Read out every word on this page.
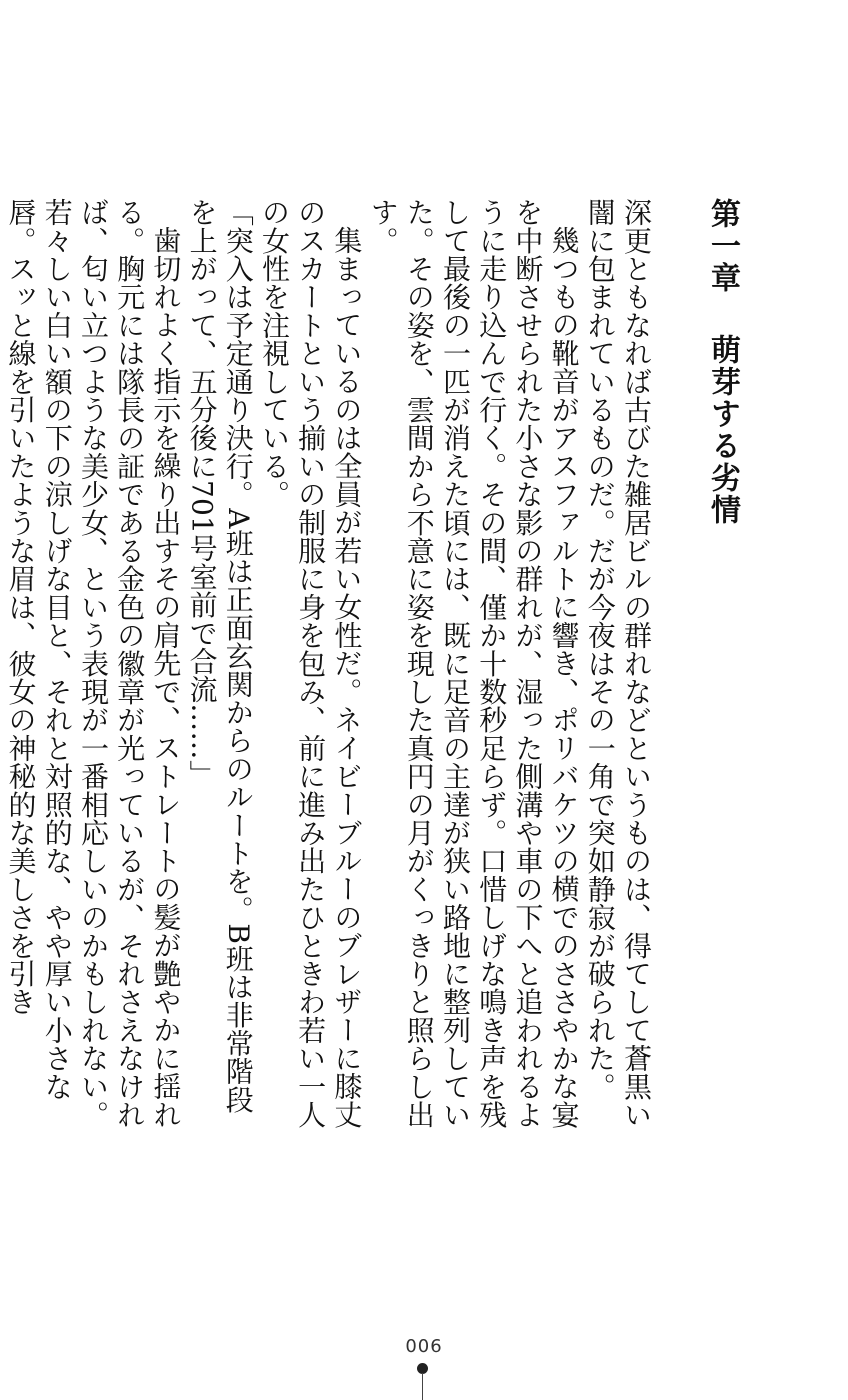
第一章萌芽する劣情

深更ともなれば古びた雑居ビルの群れなどというものは、得てして蒼黒い闇に包まれているものだ。だが今夜はその一角で突如静寂が破られた。

幾つもの靴音がアスファルトに響き、ポリバケツの横でのささやかな宴を中断させられた小さな影の群れが、湿った側溝や車の下へと追われるように走り込んで行く。その間、僅か十数秒足らず。口惜しげな鳴き声を残して最後の一匹が消えた頃には、既に足音の主達が狭い路地に整列していた。その姿を、雲間から不意に姿を現した真円の月がくっきりと照らし出す。

集まっているのは全員が若い女性だ。ネイビーブルーのブレザーに膝丈のスカートという揃いの制服に身を包み、前に進み出たひときわ若い一人の女性を注視している。

「突入は予定通り決行。A班は正面玄関からのルートを。B班は非常階段を上がって、五分後に701号室前で合流……」

歯切れよく指示を繰り出すその肩先で、ストレートの髪が艶やかに揺れる。胸元には隊長の証である金色の徽章が光っているが、それさえなければ、匂い立つような美少女、という表現が一番相応しいのかもしれない。若々しい白い額の下の涼しげな目と、それと対照的な、やや厚い小さな唇。スッと線を引いたような眉は、彼女の神秘的な美しさを引き

006
